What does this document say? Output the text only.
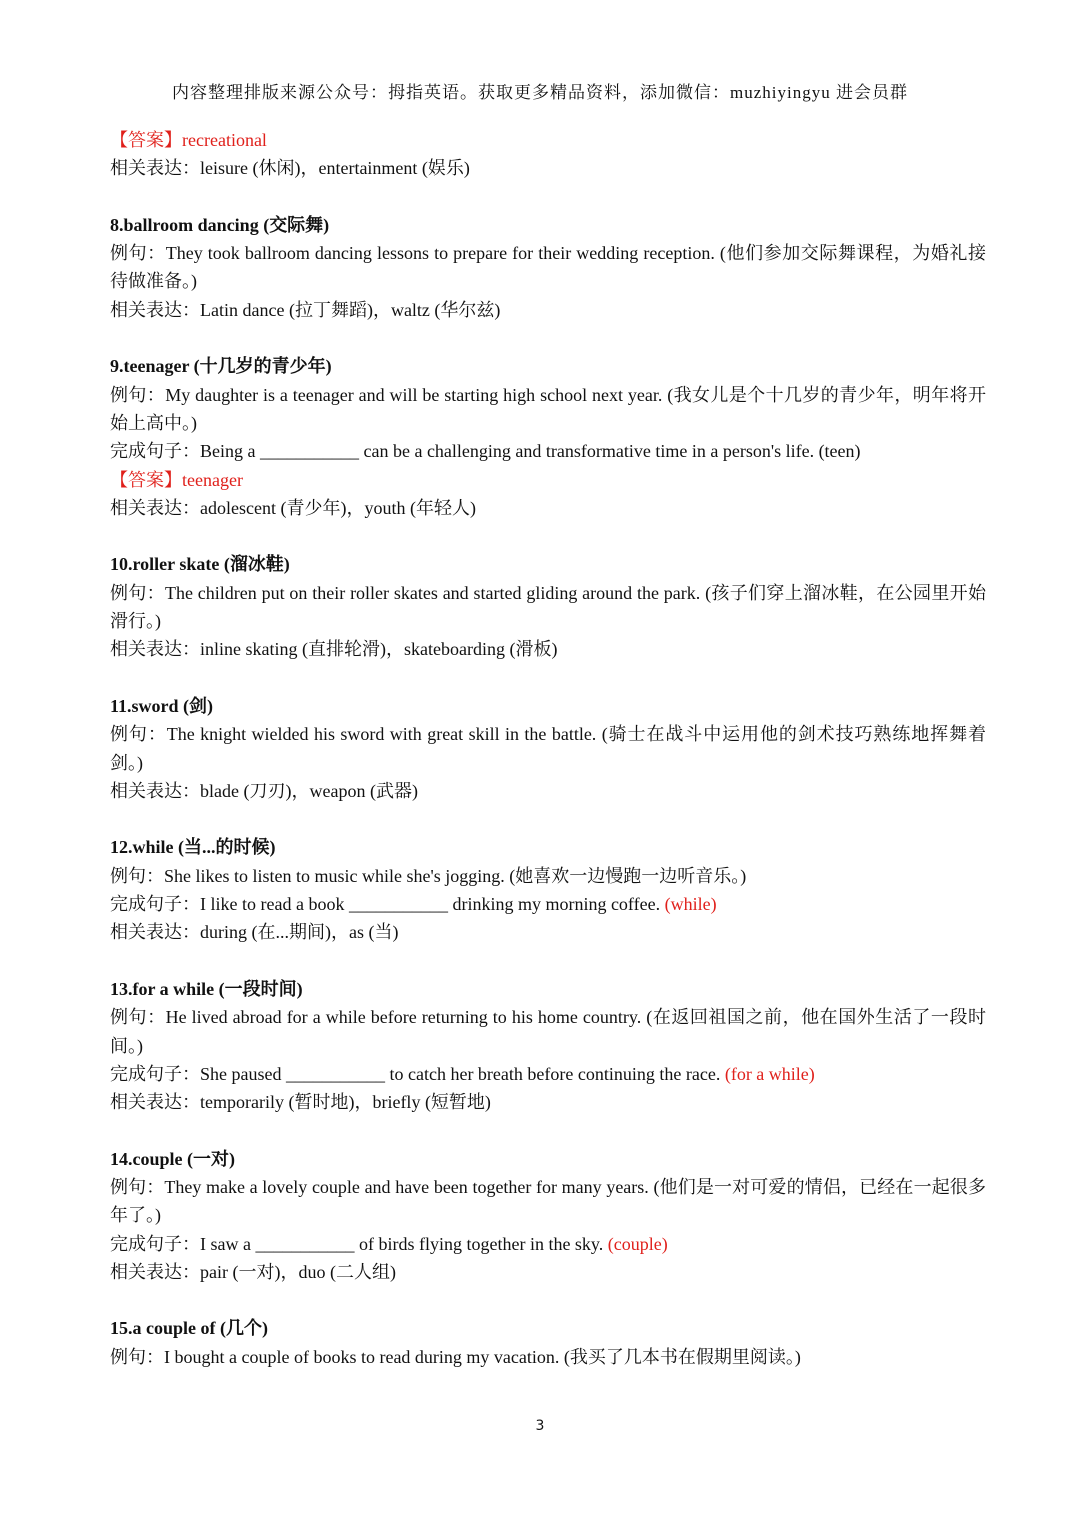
内容整理排版来源公众号：拇指英语。获取更多精品资料，添加微信：muzhiyingyu 进会员群
【答案】recreational
相关表达：leisure (休闲)，entertainment (娱乐)
8.ballroom dancing (交际舞)
例句：They took ballroom dancing lessons to prepare for their wedding reception. (他们参加交际舞课程，为婚礼接待做准备。)
相关表达：Latin dance (拉丁舞蹈)，waltz (华尔兹)
9.teenager (十几岁的青少年)
例句：My daughter is a teenager and will be starting high school next year. (我女儿是个十几岁的青少年，明年将开始上高中。)
完成句子：Being a ___________ can be a challenging and transformative time in a person's life. (teen)
【答案】teenager
相关表达：adolescent (青少年)，youth (年轻人)
10.roller skate (溜冰鞋)
例句：The children put on their roller skates and started gliding around the park. (孩子们穿上溜冰鞋，在公园里开始滑行。)
相关表达：inline skating (直排轮滑)，skateboarding (滑板)
11.sword (剑)
例句：The knight wielded his sword with great skill in the battle. (骑士在战斗中运用他的剑术技巧熟练地挥舞着剑。)
相关表达：blade (刀刃)，weapon (武器)
12.while (当...的时候)
例句：She likes to listen to music while she's jogging. (她喜欢一边慢跑一边听音乐。)
完成句子：I like to read a book ___________ drinking my morning coffee. (while)
相关表达：during (在...期间)，as (当)
13.for a while (一段时间)
例句：He lived abroad for a while before returning to his home country. (在返回祖国之前，他在国外生活了一段时间。)
完成句子：She paused ___________ to catch her breath before continuing the race. (for a while)
相关表达：temporarily (暂时地)，briefly (短暂地)
14.couple (一对)
例句：They make a lovely couple and have been together for many years. (他们是一对可爱的情侣，已经在一起很多年了。)
完成句子：I saw a ___________ of birds flying together in the sky. (couple)
相关表达：pair (一对)，duo (二人组)
15.a couple of (几个)
例句：I bought a couple of books to read during my vacation. (我买了几本书在假期里阅读。)
3
